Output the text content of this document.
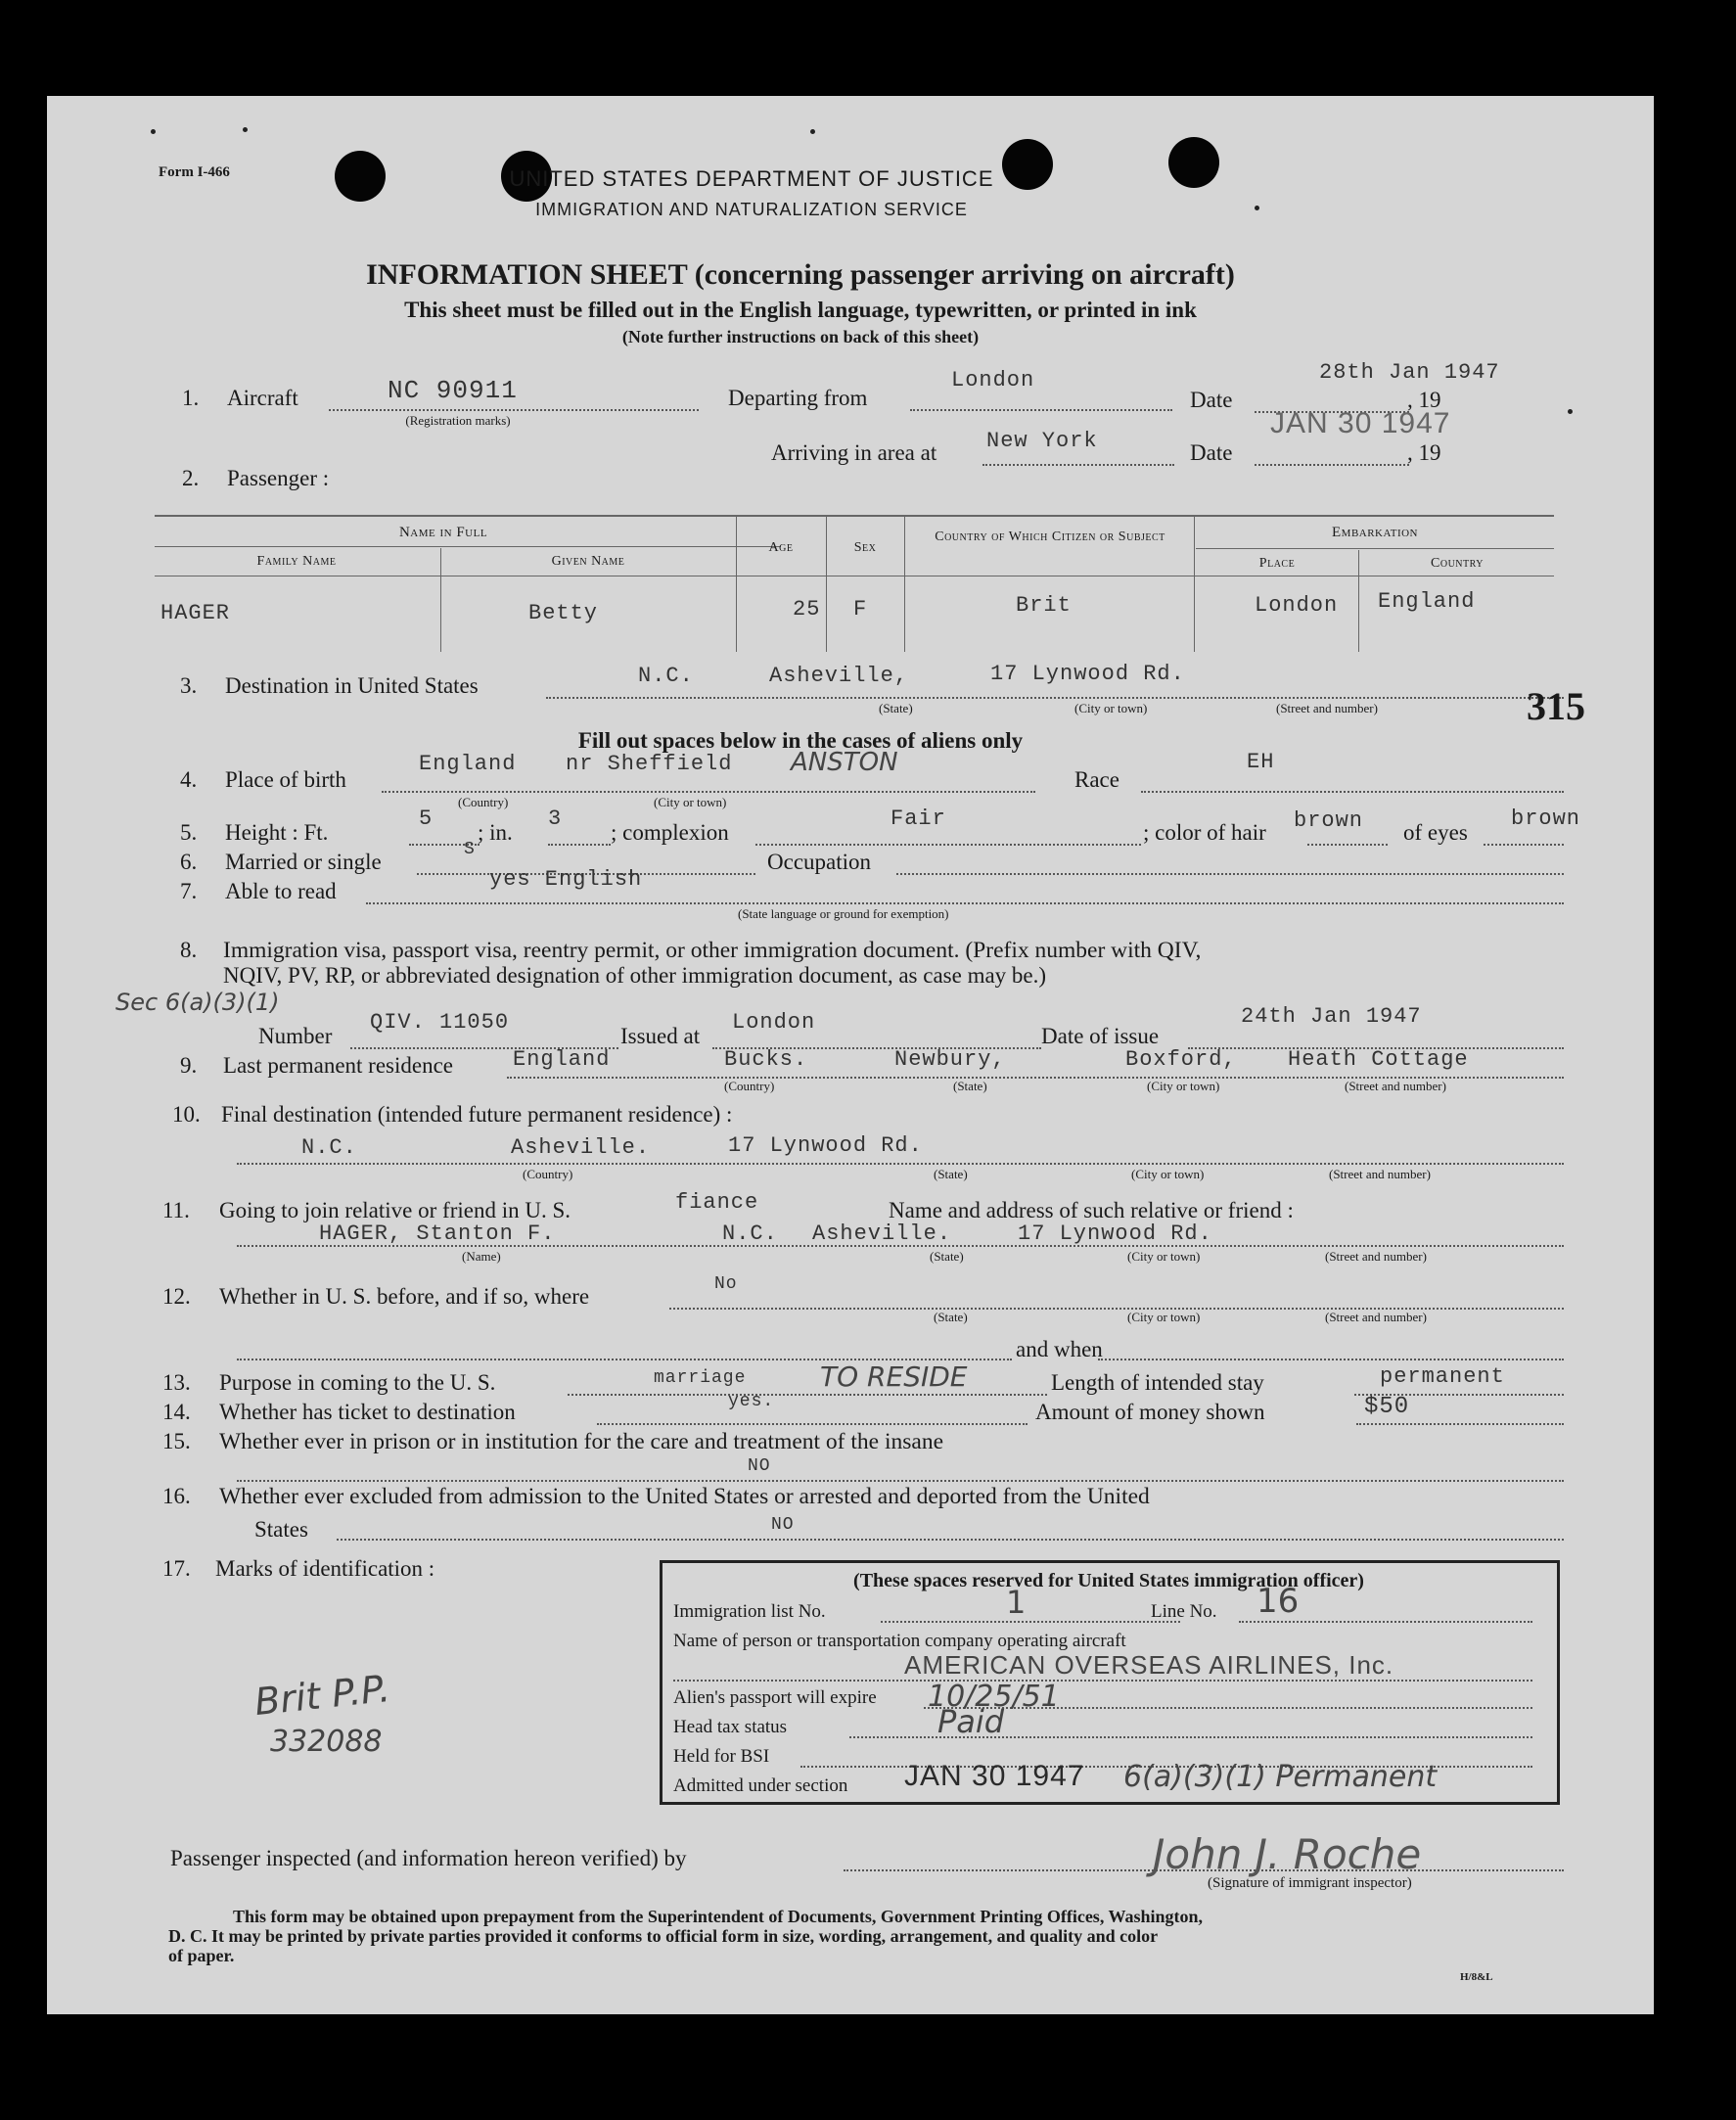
Form I-466	UNITED STATES DEPARTMENT OF JUSTICE
IMMIGRATION AND NATURALIZATION SERVICE
INFORMATION SHEET (concerning passenger arriving on aircraft)
This sheet must be filled out in the English language, typewritten, or printed in ink
(Note further instructions on back of this sheet)
1. Aircraft	NC 90911
(Registration marks)
Departing from
London
Date	, 19
28th Jan 1947
Arriving in area at New York	Date	, 19
JAN 30 1947
2. Passenger :
Name in Full
Family Name	Given Name
Age	Sex
Country of Which Citizen or Subject	Embarkation
Place	Country
HAGER	Betty	25 F	Brit	London England
3. Destination in United States	N.C.	Asheville,	17 Lynwood Rd.
(State)	(City or town)	(Street and number)	315
Fill out spaces below in the cases of aliens only
4. Place of birth
England nr Sheffield ANSTON
(Country)	(City or town)
Race
EH
5. Height : Ft.
5
; in.
3
; complexion
Fair
; color of hair brown of eyes
brown
6. Married or single	S	Occupation
7. Able to read	yes English
(State language or ground for exemption)
8. Immigration visa, passport visa, reentry permit, or other immigration document. (Prefix number with QIV,
NQIV, PV, RP, or abbreviated designation of other immigration document, as case may be.)
Sec 6(a)(3)(1)
Number
QIV. 11050
Issued at
London
Date of issue
24th Jan 1947
9. Last permanent residence	England	Bucks.	Newbury,	Boxford, Heath Cottage
(Country)	(State)	(City or town)	(Street and number)
10. Final destination (intended future permanent residence) :
N.C.	Asheville.	17 Lynwood Rd.
(Country)	(State)	(City or town)	(Street and number)
11. Going to join relative or friend in U. S.	fiance	Name and address of such relative or friend :
HAGER, Stanton F.	N.C. Asheville.	17 Lynwood Rd.
(Name)	(State)	(City or town)	(Street and number)
12. Whether in U. S. before, and if so, where	No
(State)	(City or town)	(Street and number)
and when
13. Purpose in coming to the U. S.	marriage	TO RESIDE	Length of intended stay	permanent
14. Whether has ticket to destination	yes.	Amount of money shown	$50
15. Whether ever in prison or in institution for the care and treatment of the insane
NO
16. Whether ever excluded from admission to the United States or arrested and deported from the United
States	NO
17. Marks of identification :
Brit P.P.
332088
(These spaces reserved for United States immigration officer)
Immigration list No.	1	Line No. 16
Name of person or transportation company operating aircraft
AMERICAN OVERSEAS AIRLINES, Inc.
Alien's passport will expire 10/25/51
Head tax status	Paid
Held for BSI
Admitted under section JAN 30 1947 6(a)(3)(1) Permanent
Passenger inspected (and information hereon verified) by	John J. Roche
(Signature of immigrant inspector)
This form may be obtained upon prepayment from the Superintendent of Documents, Government Printing Offices, Washington,
D. C. It may be printed by private parties provided it conforms to official form in size, wording, arrangement, and quality and color
of paper.
H/8&L
